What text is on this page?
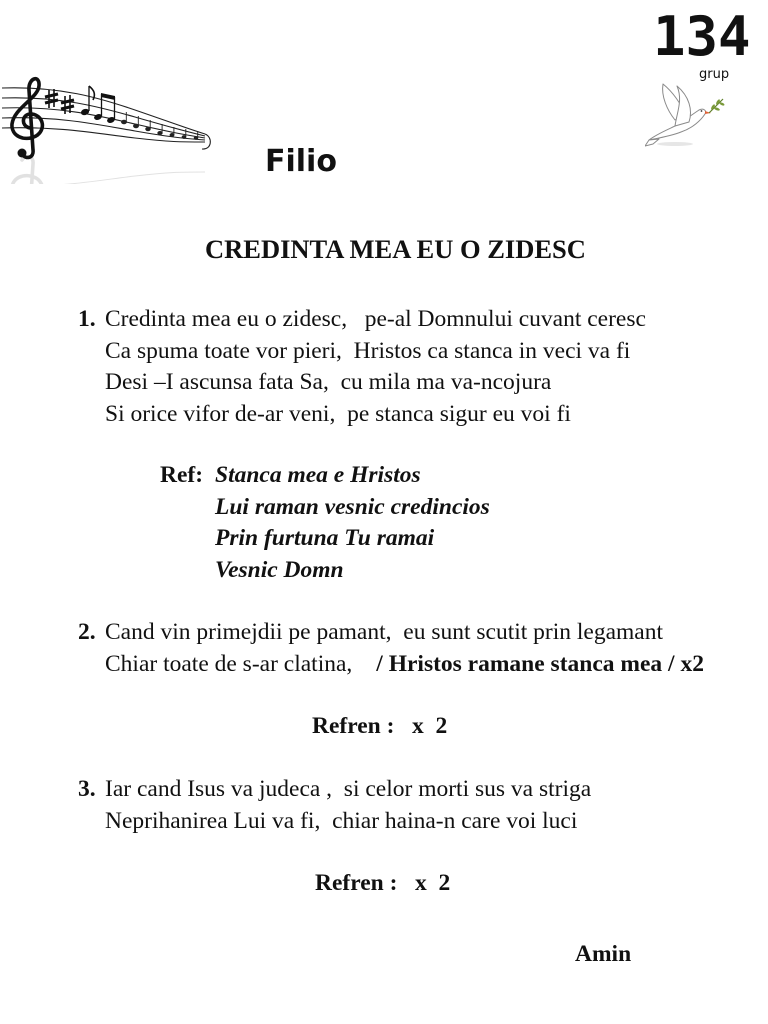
134
grup
Filio
CREDINTA MEA EU O ZIDESC
1. Credinta mea eu o zidesc,   pe-al Domnului cuvant ceresc
Ca spuma toate vor pieri,  Hristos ca stanca in veci va fi
Desi –I ascunsa fata Sa,  cu mila ma va-ncojura
Si orice vifor de-ar veni,  pe stanca sigur eu voi fi
Ref: Stanca mea e Hristos
Lui raman vesnic credincios
Prin furtuna Tu ramai
Vesnic Domn
2. Cand vin primejdii pe pamant,  eu sunt scutit prin legamant
Chiar toate de s-ar clatina, / Hristos ramane stanca mea / x2
Refren :   x  2
3. Iar cand Isus va judeca ,  si celor morti sus va striga
Neprihanirea Lui va fi,  chiar haina-n care voi luci
Refren :   x  2
Amin
